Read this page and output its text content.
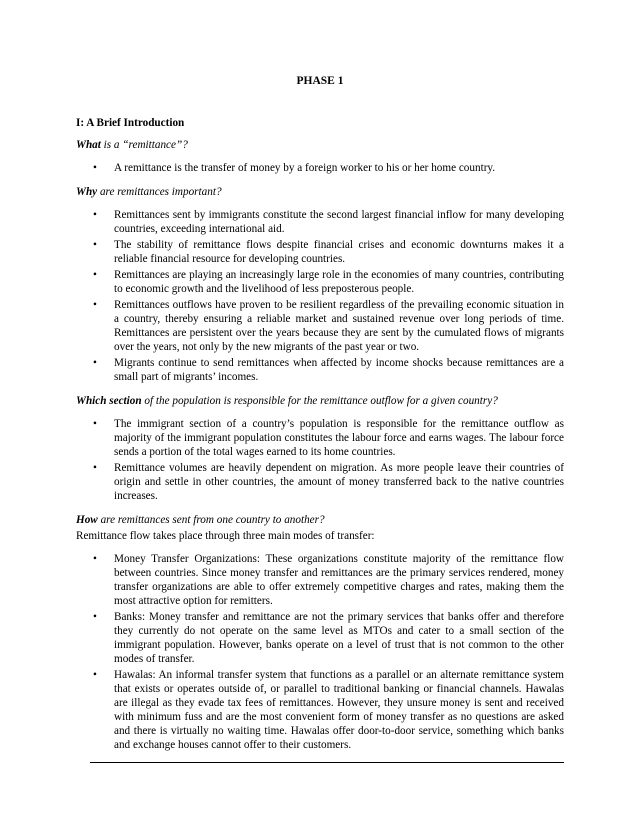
PHASE 1
I: A Brief Introduction
What is a “remittance”?
• A remittance is the transfer of money by a foreign worker to his or her home country.
Why are remittances important?
• Remittances sent by immigrants constitute the second largest financial inflow for many developing countries, exceeding international aid.
• The stability of remittance flows despite financial crises and economic downturns makes it a reliable financial resource for developing countries.
• Remittances are playing an increasingly large role in the economies of many countries, contributing to economic growth and the livelihood of less preposterous people.
• Remittances outflows have proven to be resilient regardless of the prevailing economic situation in a country, thereby ensuring a reliable market and sustained revenue over long periods of time. Remittances are persistent over the years because they are sent by the cumulated flows of migrants over the years, not only by the new migrants of the past year or two.
• Migrants continue to send remittances when affected by income shocks because remittances are a small part of migrants’ incomes.
Which section of the population is responsible for the remittance outflow for a given country?
• The immigrant section of a country’s population is responsible for the remittance outflow as majority of the immigrant population constitutes the labour force and earns wages. The labour force sends a portion of the total wages earned to its home countries.
• Remittance volumes are heavily dependent on migration. As more people leave their countries of origin and settle in other countries, the amount of money transferred back to the native countries increases.
How are remittances sent from one country to another?
Remittance flow takes place through three main modes of transfer:
• Money Transfer Organizations: These organizations constitute majority of the remittance flow between countries. Since money transfer and remittances are the primary services rendered, money transfer organizations are able to offer extremely competitive charges and rates, making them the most attractive option for remitters.
• Banks: Money transfer and remittance are not the primary services that banks offer and therefore they currently do not operate on the same level as MTOs and cater to a small section of the immigrant population. However, banks operate on a level of trust that is not common to the other modes of transfer.
• Hawalas: An informal transfer system that functions as a parallel or an alternate remittance system that exists or operates outside of, or parallel to traditional banking or financial channels. Hawalas are illegal as they evade tax fees of remittances. However, they unsure money is sent and received with minimum fuss and are the most convenient form of money transfer as no questions are asked and there is virtually no waiting time. Hawalas offer door-to-door service, something which banks and exchange houses cannot offer to their customers.
